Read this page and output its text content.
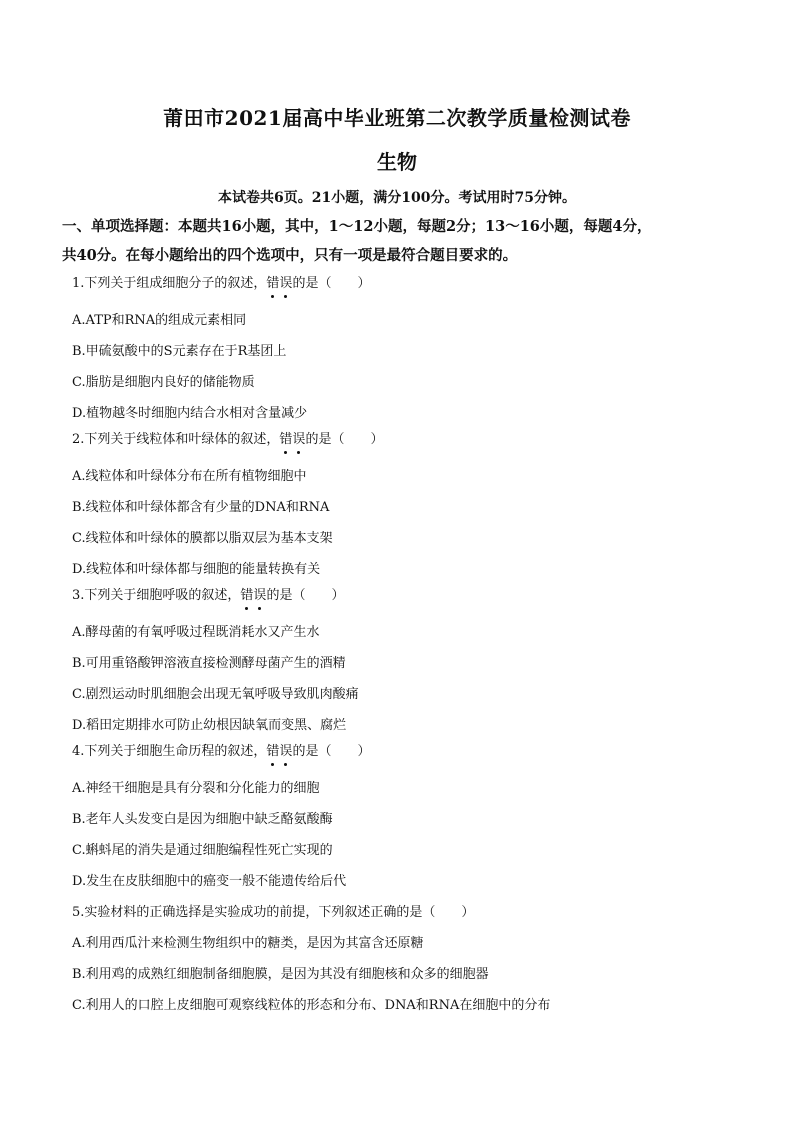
莆田市2021届高中毕业班第二次教学质量检测试卷
生物
本试卷共6页。21小题，满分100分。考试用时75分钟。
一、单项选择题：本题共16小题，其中，1～12小题，每题2分；13～16小题，每题4分，
共40分。在每小题给出的四个选项中，只有一项是最符合题目要求的。
1.下列关于组成细胞分子的叙述，错误的是（　　）
A.ATP和RNA的组成元素相同
B.甲硫氨酸中的S元素存在于R基团上
C.脂肪是细胞内良好的储能物质
D.植物越冬时细胞内结合水相对含量减少
2.下列关于线粒体和叶绿体的叙述，错误的是（　　）
A.线粒体和叶绿体分布在所有植物细胞中
B.线粒体和叶绿体都含有少量的DNA和RNA
C.线粒体和叶绿体的膜都以脂双层为基本支架
D.线粒体和叶绿体都与细胞的能量转换有关
3.下列关于细胞呼吸的叙述，错误的是（　　）
A.酵母菌的有氧呼吸过程既消耗水又产生水
B.可用重铬酸钾溶液直接检测酵母菌产生的酒精
C.剧烈运动时肌细胞会出现无氧呼吸导致肌肉酸痛
D.稻田定期排水可防止幼根因缺氧而变黑、腐烂
4.下列关于细胞生命历程的叙述，错误的是（　　）
A.神经干细胞是具有分裂和分化能力的细胞
B.老年人头发变白是因为细胞中缺乏酪氨酸酶
C.蝌蚪尾的消失是通过细胞编程性死亡实现的
D.发生在皮肤细胞中的癌变一般不能遗传给后代
5.实验材料的正确选择是实验成功的前提，下列叙述正确的是（　　）
A.利用西瓜汁来检测生物组织中的糖类，是因为其富含还原糖
B.利用鸡的成熟红细胞制备细胞膜，是因为其没有细胞核和众多的细胞器
C.利用人的口腔上皮细胞可观察线粒体的形态和分布、DNA和RNA在细胞中的分布
